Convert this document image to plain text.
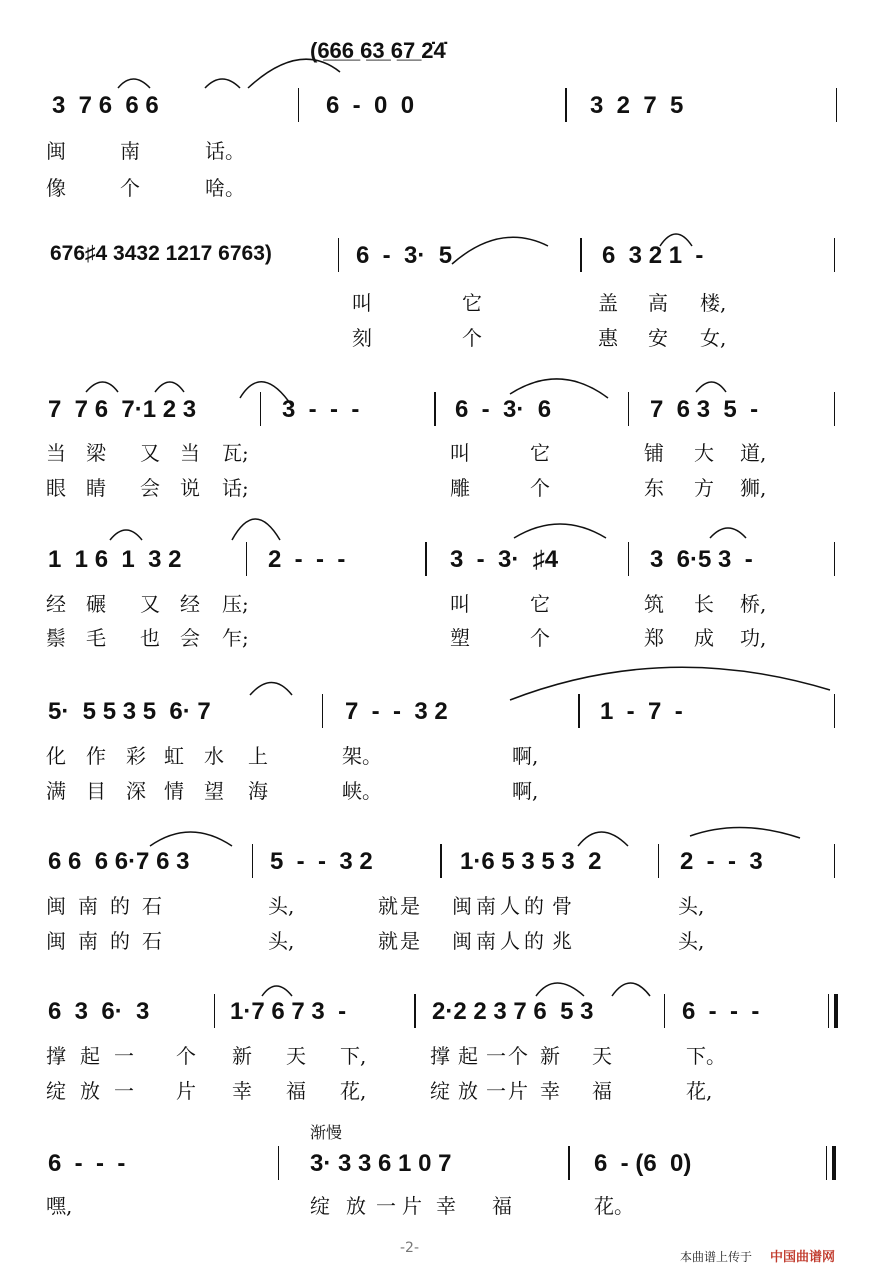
(6̲6̲6̲ 6̲3̲ 6̲7̲ 2̇4̇
3  7 6  6 6	6  -  0  0	3  2  7  5
闽	南	话。
像	个	啥。
676♯4 3432 1217 6763)	6  -  3·  5	6  3 2 1  -
叫	它	盖 高 楼,
刻	个	惠 安 女,
7  7 6  7·1 2 3	3  -  -  -	6  -  3·  6	7  6 3  5  -
当 梁 又 当 瓦;	叫	它	铺 大 道,
眼 睛 会 说 话;	雕	个	东 方 狮,
1  1 6  1  3 2	2  -  -  -	3  -  3·  ♯4	3  6·5 3  -
经 碾 又 经 压;	叫	它	筑 长 桥,
鬃 毛 也 会 乍;	塑	个	郑 成 功,
5·  5 5 3 5  6· 7	7  -  -  3 2	1  -  7  -
化 作 彩 虹 水 上	架。	啊,
满 目 深 情 望 海	峡。	啊,
6 6  6 6·7 6 3	5  -  -  3 2	1·6 5 3 5 3  2	2  -  -  3
闽 南 的 石	头,	就 是 闽 南 人 的 骨	头,
闽 南 的 石	头,	就 是 闽 南 人 的 兆	头,
6  3  6·  3	1·7 6 7 3  -	2·2 2 3 7 6  5 3	6  -  -  -
撑 起 一 个 新 天 下,	撑 起 一 个 新 天	下。
绽 放 一 片 幸 福 花,	绽 放 一 片 幸 福	花,
渐慢
6  -  -  -	3· 3 3 6 1 0 7	6  - (6  0)
嘿,	绽 放 一 片 幸 福	花。
-2-
本曲谱上传于 中国曲谱网
